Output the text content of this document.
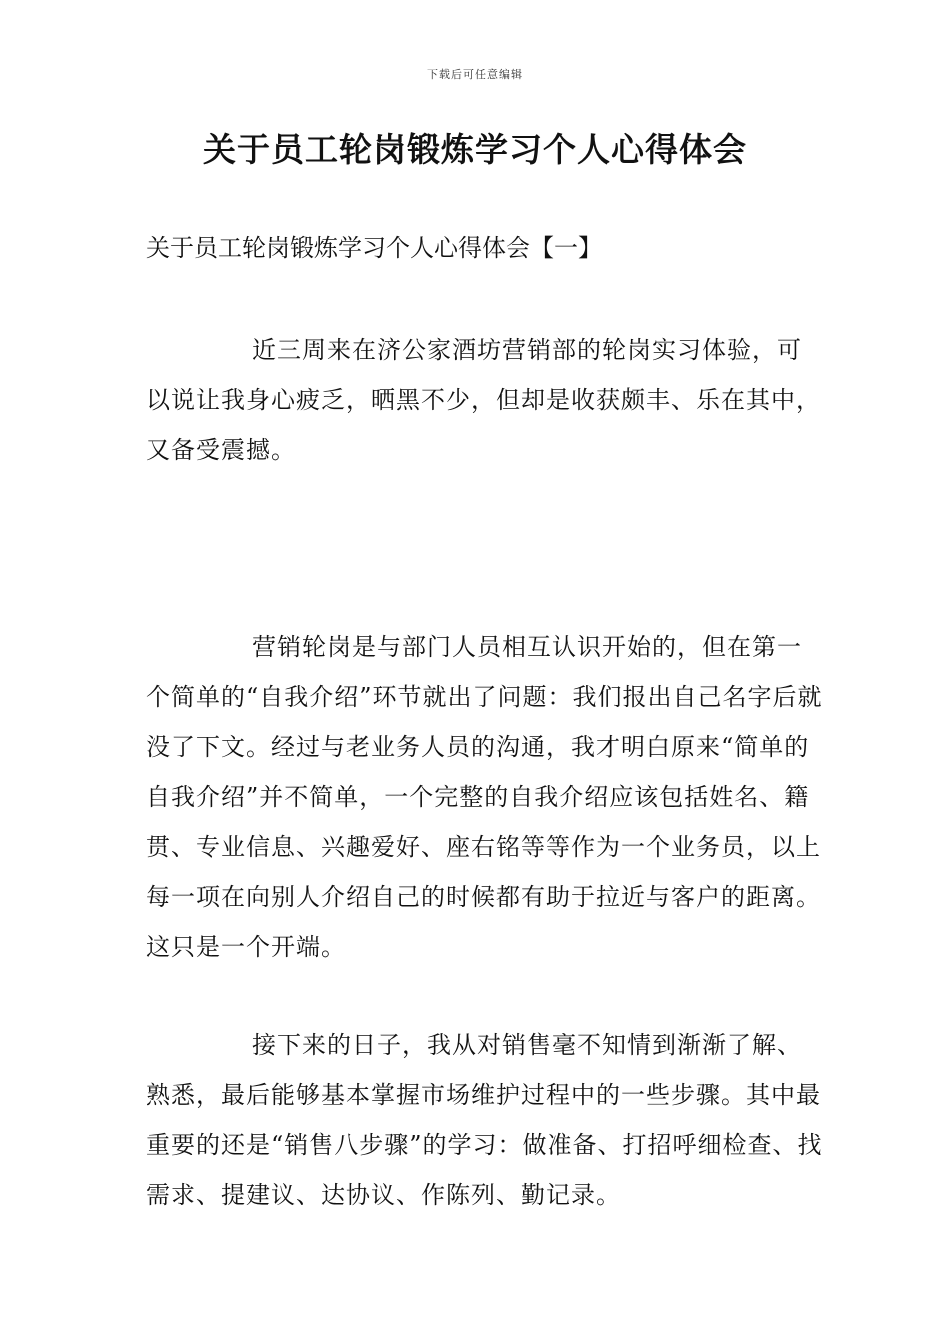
下载后可任意编辑
关于员工轮岗锻炼学习个人心得体会
关于员工轮岗锻炼学习个人心得体会【一】

近三周来在济公家酒坊营销部的轮岗实习体验，可以说让我身心疲乏，晒黑不少，但却是收获颇丰、乐在其中，又备受震撼。

营销轮岗是与部门人员相互认识开始的，但在第一个简单的“自我介绍”环节就出了问题：我们报出自己名字后就没了下文。经过与老业务人员的沟通，我才明白原来“简单的自我介绍”并不简单，一个完整的自我介绍应该包括姓名、籍贯、专业信息、兴趣爱好、座右铭等等作为一个业务员，以上每一项在向别人介绍自己的时候都有助于拉近与客户的距离。这只是一个开端。

接下来的日子，我从对销售毫不知情到渐渐了解、熟悉，最后能够基本掌握市场维护过程中的一些步骤。其中最重要的还是“销售八步骤”的学习：做准备、打招呼细检查、找需求、提建议、达协议、作陈列、勤记录。
